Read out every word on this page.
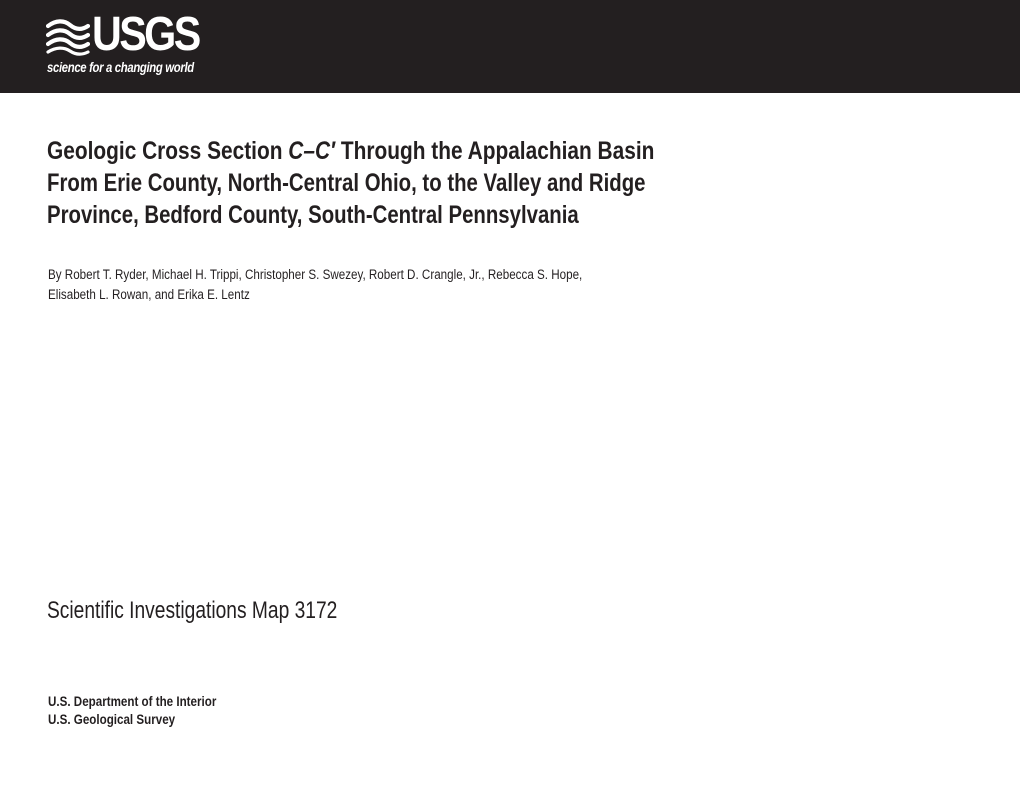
USGS
science for a changing world
Geologic Cross Section C–C′ Through the Appalachian Basin
From Erie County, North-Central Ohio, to the Valley and Ridge
Province, Bedford County, South-Central Pennsylvania
By Robert T. Ryder, Michael H. Trippi, Christopher S. Swezey, Robert D. Crangle, Jr., Rebecca S. Hope,
Elisabeth L. Rowan, and Erika E. Lentz
Scientific Investigations Map 3172
U.S. Department of the Interior
U.S. Geological Survey
